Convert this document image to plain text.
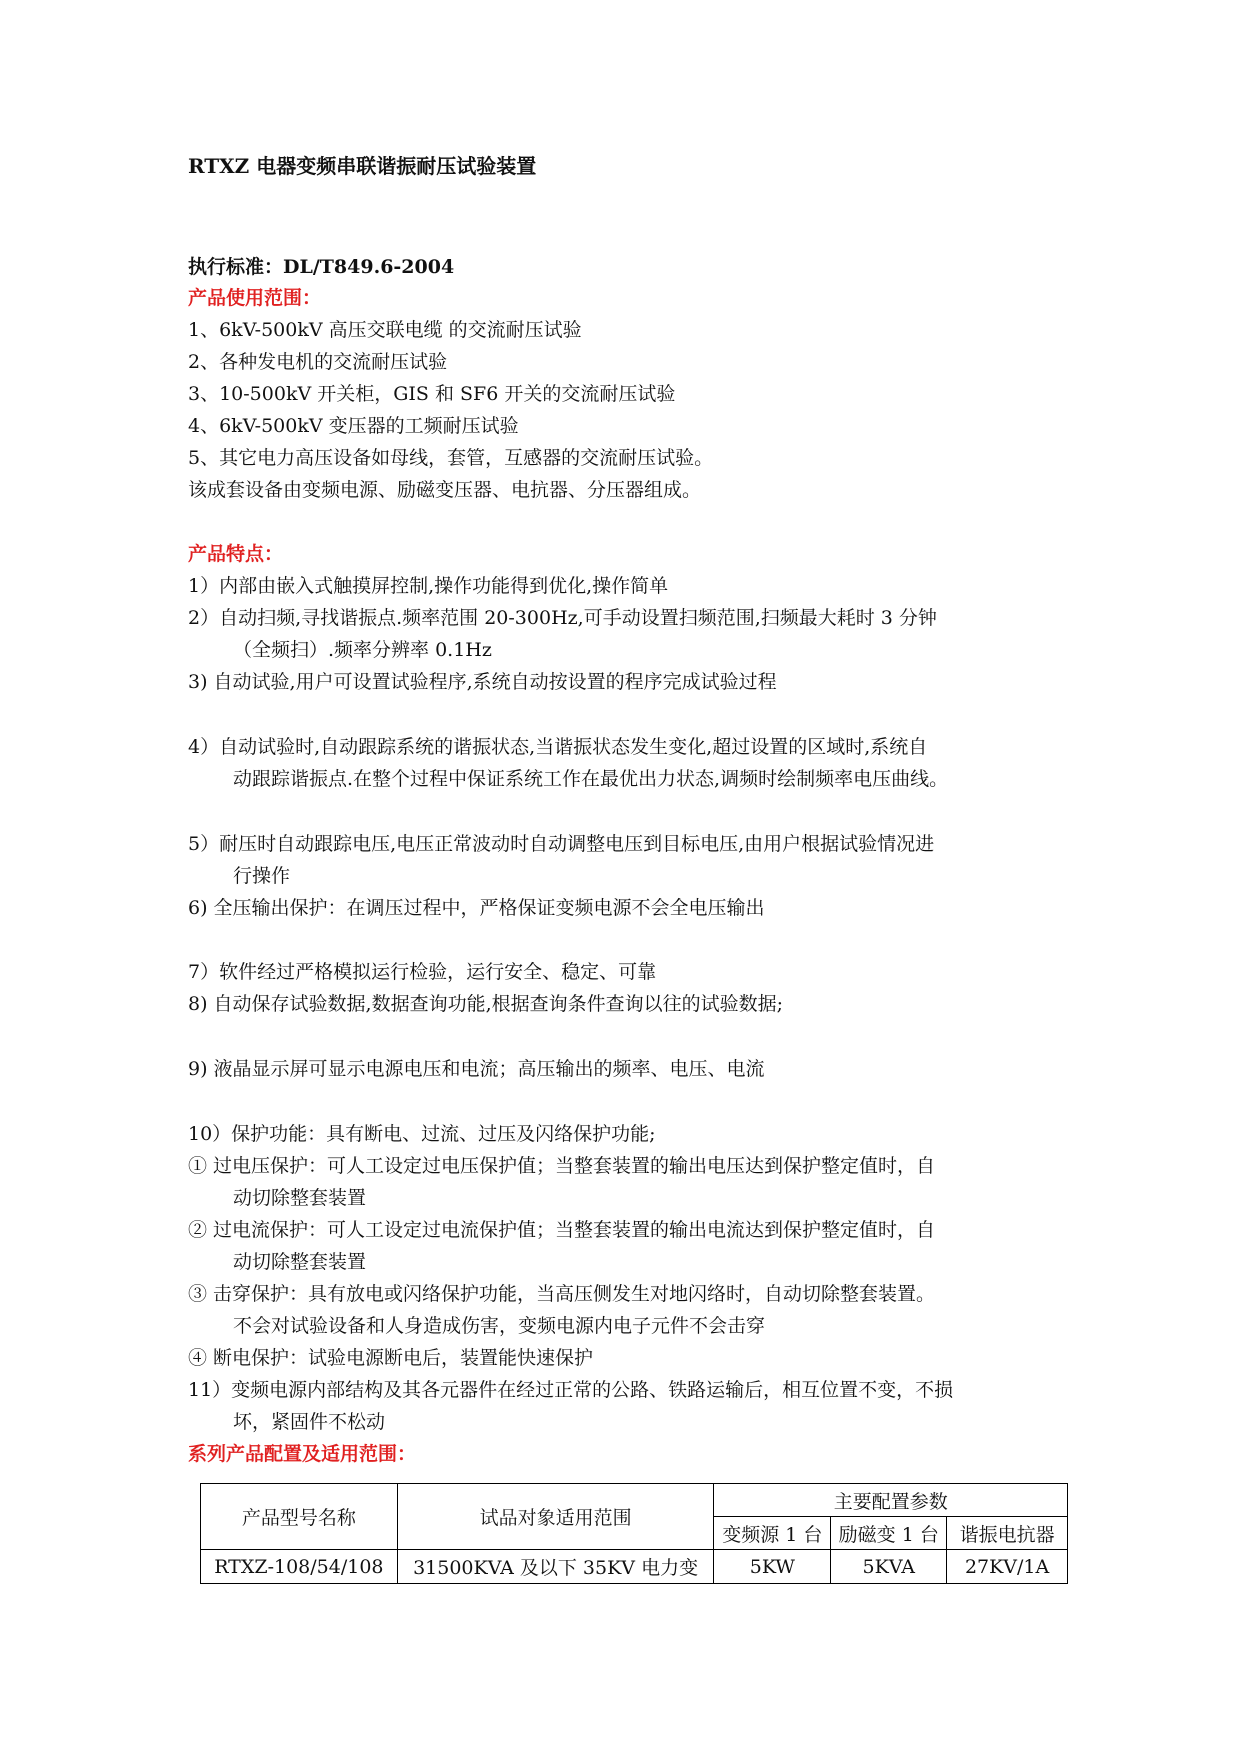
RTXZ 电器变频串联谐振耐压试验装置
执行标准：DL/T849.6-2004
产品使用范围：
1、6kV-500kV 高压交联电缆 的交流耐压试验
2、各种发电机的交流耐压试验
3、10-500kV 开关柜，GIS 和 SF6 开关的交流耐压试验
4、6kV-500kV 变压器的工频耐压试验
5、其它电力高压设备如母线，套管，互感器的交流耐压试验。
该成套设备由变频电源、励磁变压器、电抗器、分压器组成。
产品特点：
1）内部由嵌入式触摸屏控制,操作功能得到优化,操作简单
2）自动扫频,寻找谐振点.频率范围 20-300Hz,可手动设置扫频范围,扫频最大耗时 3 分钟
（全频扫）.频率分辨率 0.1Hz
3) 自动试验,用户可设置试验程序,系统自动按设置的程序完成试验过程
4）自动试验时,自动跟踪系统的谐振状态,当谐振状态发生变化,超过设置的区域时,系统自
动跟踪谐振点.在整个过程中保证系统工作在最优出力状态,调频时绘制频率电压曲线。
5）耐压时自动跟踪电压,电压正常波动时自动调整电压到目标电压,由用户根据试验情况进
行操作
6) 全压输出保护：在调压过程中，严格保证变频电源不会全电压输出
7）软件经过严格模拟运行检验，运行安全、稳定、可靠
8) 自动保存试验数据,数据查询功能,根据查询条件查询以往的试验数据;
9) 液晶显示屏可显示电源电压和电流；高压输出的频率、电压、电流
10）保护功能：具有断电、过流、过压及闪络保护功能;
① 过电压保护：可人工设定过电压保护值；当整套装置的输出电压达到保护整定值时，自
动切除整套装置
② 过电流保护：可人工设定过电流保护值；当整套装置的输出电流达到保护整定值时，自
动切除整套装置
③ 击穿保护：具有放电或闪络保护功能，当高压侧发生对地闪络时，自动切除整套装置。
不会对试验设备和人身造成伤害，变频电源内电子元件不会击穿
④ 断电保护：试验电源断电后，装置能快速保护
11）变频电源内部结构及其各元器件在经过正常的公路、铁路运输后，相互位置不变，不损
坏，紧固件不松动
系列产品配置及适用范围：
产品型号名称	试品对象适用范围	主要配置参数		
		变频源 1 台	励磁变 1 台	谐振电抗器
RTXZ-108/54/108	31500KVA 及以下 35KV 电力变	5KW	5KVA	27KV/1A
